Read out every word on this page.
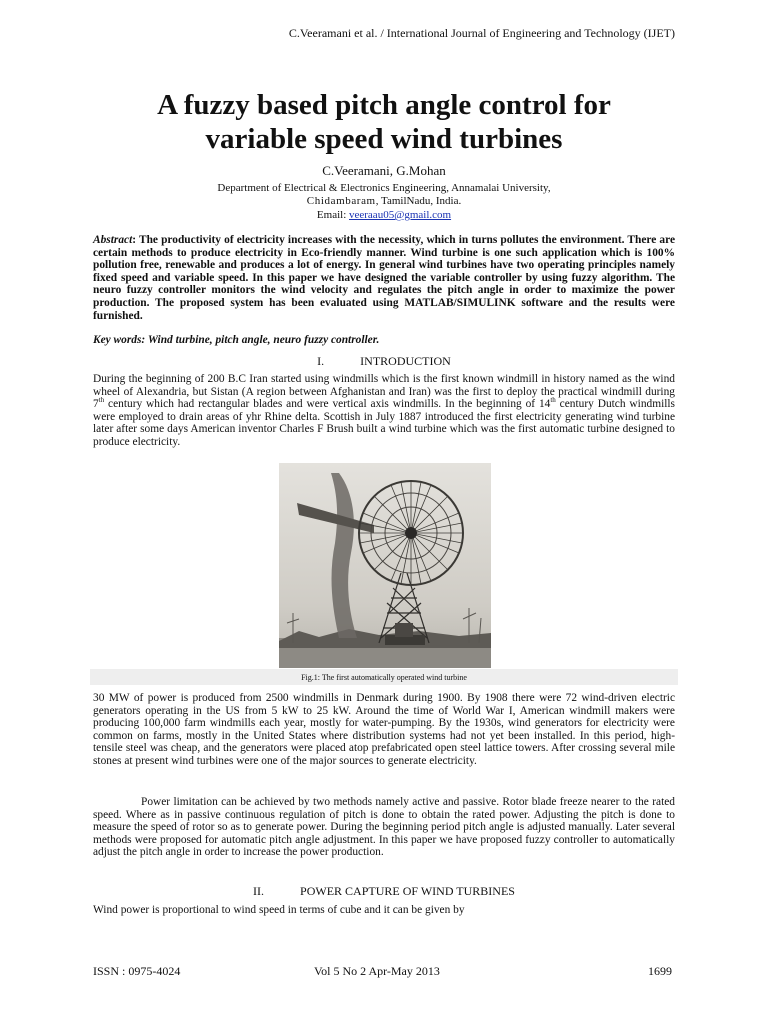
C.Veeramani et al. / International Journal of Engineering and Technology (IJET)
A fuzzy based pitch angle control for
variable speed wind turbines
C.Veeramani, G.Mohan
Department of Electrical & Electronics Engineering, Annamalai University,
Chidambaram, TamilNadu, India.
Email: veeraau05@gmail.com
Abstract: The productivity of electricity increases with the necessity, which in turns pollutes the environment. There are certain methods to produce electricity in Eco-friendly manner. Wind turbine is one such application which is 100% pollution free, renewable and produces a lot of energy. In general wind turbines have two operating principles namely fixed speed and variable speed. In this paper we have designed the variable controller by using fuzzy algorithm. The neuro fuzzy controller monitors the wind velocity and regulates the pitch angle in order to maximize the power production. The proposed system has been evaluated using MATLAB/SIMULINK software and the results were furnished.
Key words: Wind turbine, pitch angle, neuro fuzzy controller.
I.	INTRODUCTION
During the beginning of 200 B.C Iran started using windmills which is the first known windmill in history named as the wind wheel of Alexandria, but Sistan (A region between Afghanistan and Iran) was the first to deploy the practical windmill during 7th century which had rectangular blades and were vertical axis windmills. In the beginning of 14th century Dutch windmills were employed to drain areas of yhr Rhine delta. Scottish in July 1887 introduced the first electricity generating wind turbine later after some days American inventor Charles F Brush built a wind turbine which was the first automatic turbine designed to produce electricity.
Fig.1: The first automatically operated wind turbine
30 MW of power is produced from 2500 windmills in Denmark during 1900. By 1908 there were 72 wind-driven electric generators operating in the US from 5 kW to 25 kW. Around the time of World War I, American windmill makers were producing 100,000 farm windmills each year, mostly for water-pumping. By the 1930s, wind generators for electricity were common on farms, mostly in the United States where distribution systems had not yet been installed. In this period, high-tensile steel was cheap, and the generators were placed atop prefabricated open steel lattice towers. After crossing several mile stones at present wind turbines were one of the major sources to generate electricity.
Power limitation can be achieved by two methods namely active and passive. Rotor blade freeze nearer to the rated speed. Where as in passive continuous regulation of pitch is done to obtain the rated power. Adjusting the pitch is done to measure the speed of rotor so as to generate power. During the beginning period pitch angle is adjusted manually. Later several methods were proposed for automatic pitch angle adjustment. In this paper we have proposed fuzzy controller to automatically adjust the pitch angle in order to increase the power production.
II.	POWER CAPTURE OF WIND TURBINES
Wind power is proportional to wind speed in terms of cube and it can be given by
ISSN : 0975-4024	Vol 5 No 2 Apr-May 2013	1699
